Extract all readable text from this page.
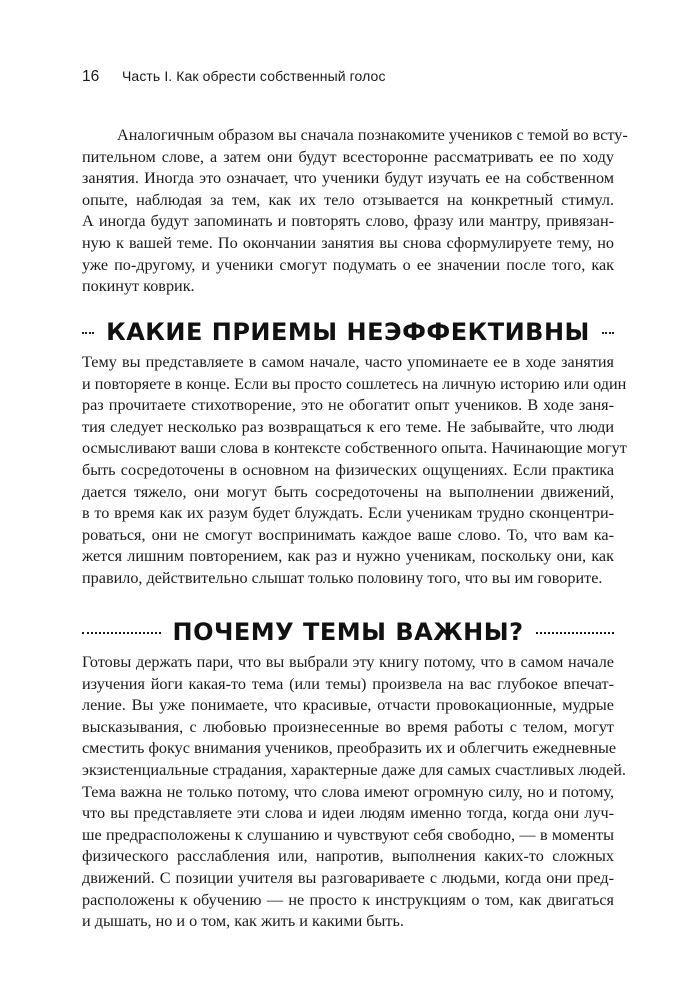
16	Часть I. Как обрести собственный голос
Аналогичным образом вы сначала познакомите учеников с темой во всту-
пительном слове, а затем они будут всесторонне рассматривать ее по ходу
занятия. Иногда это означает, что ученики будут изучать ее на собственном
опыте, наблюдая за тем, как их тело отзывается на конкретный стимул.
А иногда будут запоминать и повторять слово, фразу или мантру, привязан-
ную к вашей теме. По окончании занятия вы снова сформулируете тему, но
уже по-другому, и ученики смогут подумать о ее значении после того, как
покинут коврик.
КАКИЕ ПРИЕМЫ НЕЭФФЕКТИВНЫ
Тему вы представляете в самом начале, часто упоминаете ее в ходе занятия
и повторяете в конце. Если вы просто сошлетесь на личную историю или один
раз прочитаете стихотворение, это не обогатит опыт учеников. В ходе заня-
тия следует несколько раз возвращаться к его теме. Не забывайте, что люди
осмысливают ваши слова в контексте собственного опыта. Начинающие могут
быть сосредоточены в основном на физических ощущениях. Если практика
дается тяжело, они могут быть сосредоточены на выполнении движений,
в то время как их разум будет блуждать. Если ученикам трудно сконцентри-
роваться, они не смогут воспринимать каждое ваше слово. То, что вам ка-
жется лишним повторением, как раз и нужно ученикам, поскольку они, как
правило, действительно слышат только половину того, что вы им говорите.
ПОЧЕМУ ТЕМЫ ВАЖНЫ?
Готовы держать пари, что вы выбрали эту книгу потому, что в самом начале
изучения йоги какая-то тема (или темы) произвела на вас глубокое впечат-
ление. Вы уже понимаете, что красивые, отчасти провокационные, мудрые
высказывания, с любовью произнесенные во время работы с телом, могут
сместить фокус внимания учеников, преобразить их и облегчить ежедневные
экзистенциальные страдания, характерные даже для самых счастливых людей.
Тема важна не только потому, что слова имеют огромную силу, но и потому,
что вы представляете эти слова и идеи людям именно тогда, когда они луч-
ше предрасположены к слушанию и чувствуют себя свободно, — в моменты
физического расслабления или, напротив, выполнения каких-то сложных
движений. С позиции учителя вы разговариваете с людьми, когда они пред-
расположены к обучению — не просто к инструкциям о том, как двигаться
и дышать, но и о том, как жить и какими быть.
